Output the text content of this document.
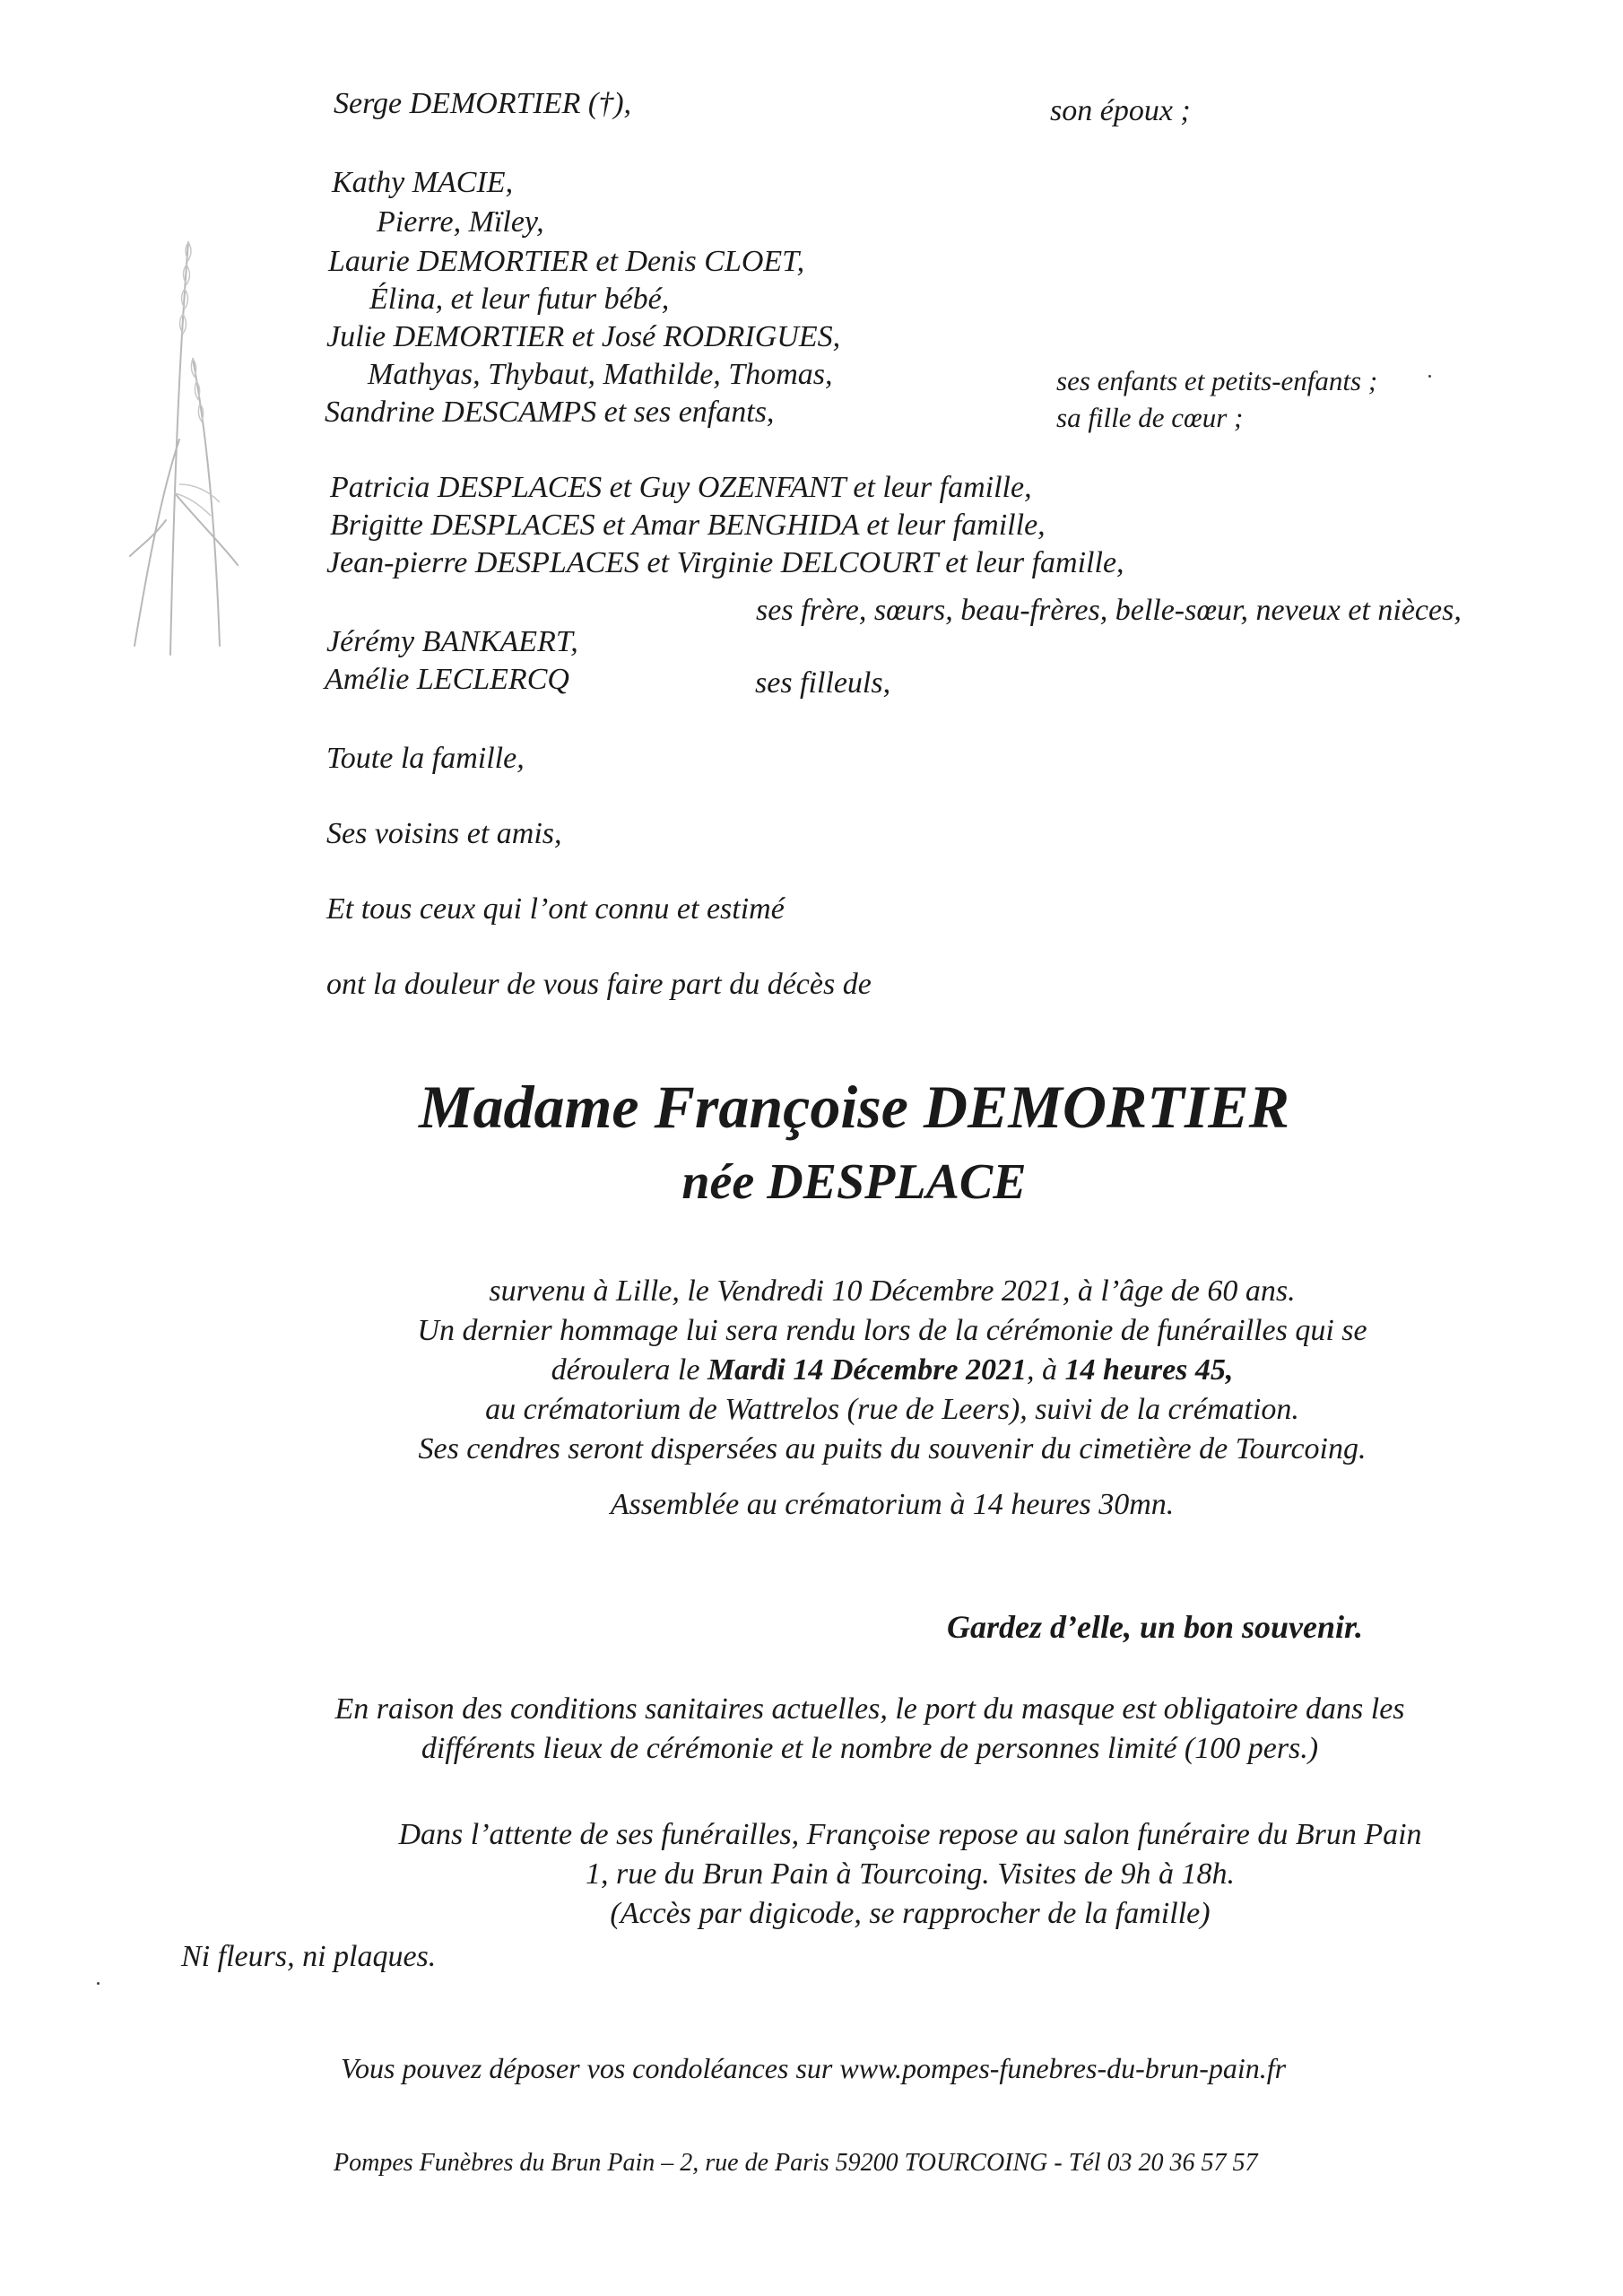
Serge DEMORTIER (†),	son époux ;
Kathy MACIE,
Pierre, Mïley,
Laurie DEMORTIER et Denis CLOET,
Élina, et leur futur bébé,
Julie DEMORTIER et José RODRIGUES,
Mathyas, Thybaut, Mathilde, Thomas,
Sandrine DESCAMPS et ses enfants,
ses enfants et petits-enfants ;
sa fille de cœur ;
Patricia DESPLACES et Guy OZENFANT et leur famille,
Brigitte DESPLACES et Amar BENGHIDA et leur famille,
Jean-pierre DESPLACES et Virginie DELCOURT et leur famille,
ses frère, sœurs, beau-frères, belle-sœur, neveux et nièces,
Jérémy BANKAERT,
Amélie LECLERCQ	ses filleuls,
Toute la famille,
Ses voisins et amis,
Et tous ceux qui l’ont connu et estimé
ont la douleur de vous faire part du décès de
Madame Françoise DEMORTIER
née DESPLACE
survenu à Lille, le Vendredi 10 Décembre 2021, à l’âge de 60 ans.
Un dernier hommage lui sera rendu lors de la cérémonie de funérailles qui se
déroulera le Mardi 14 Décembre 2021, à 14 heures 45,
au crématorium de Wattrelos (rue de Leers), suivi de la crémation.
Ses cendres seront dispersées au puits du souvenir du cimetière de Tourcoing.
Assemblée au crématorium à 14 heures 30mn.
Gardez d’elle, un bon souvenir.
En raison des conditions sanitaires actuelles, le port du masque est obligatoire dans les
différents lieux de cérémonie et le nombre de personnes limité (100 pers.)
Dans l’attente de ses funérailles, Françoise repose au salon funéraire du Brun Pain
1, rue du Brun Pain à Tourcoing. Visites de 9h à 18h.
(Accès par digicode, se rapprocher de la famille)
Ni fleurs, ni plaques.
Vous pouvez déposer vos condoléances sur www.pompes-funebres-du-brun-pain.fr
Pompes Funèbres du Brun Pain – 2, rue de Paris 59200 TOURCOING - Tél 03 20 36 57 57
